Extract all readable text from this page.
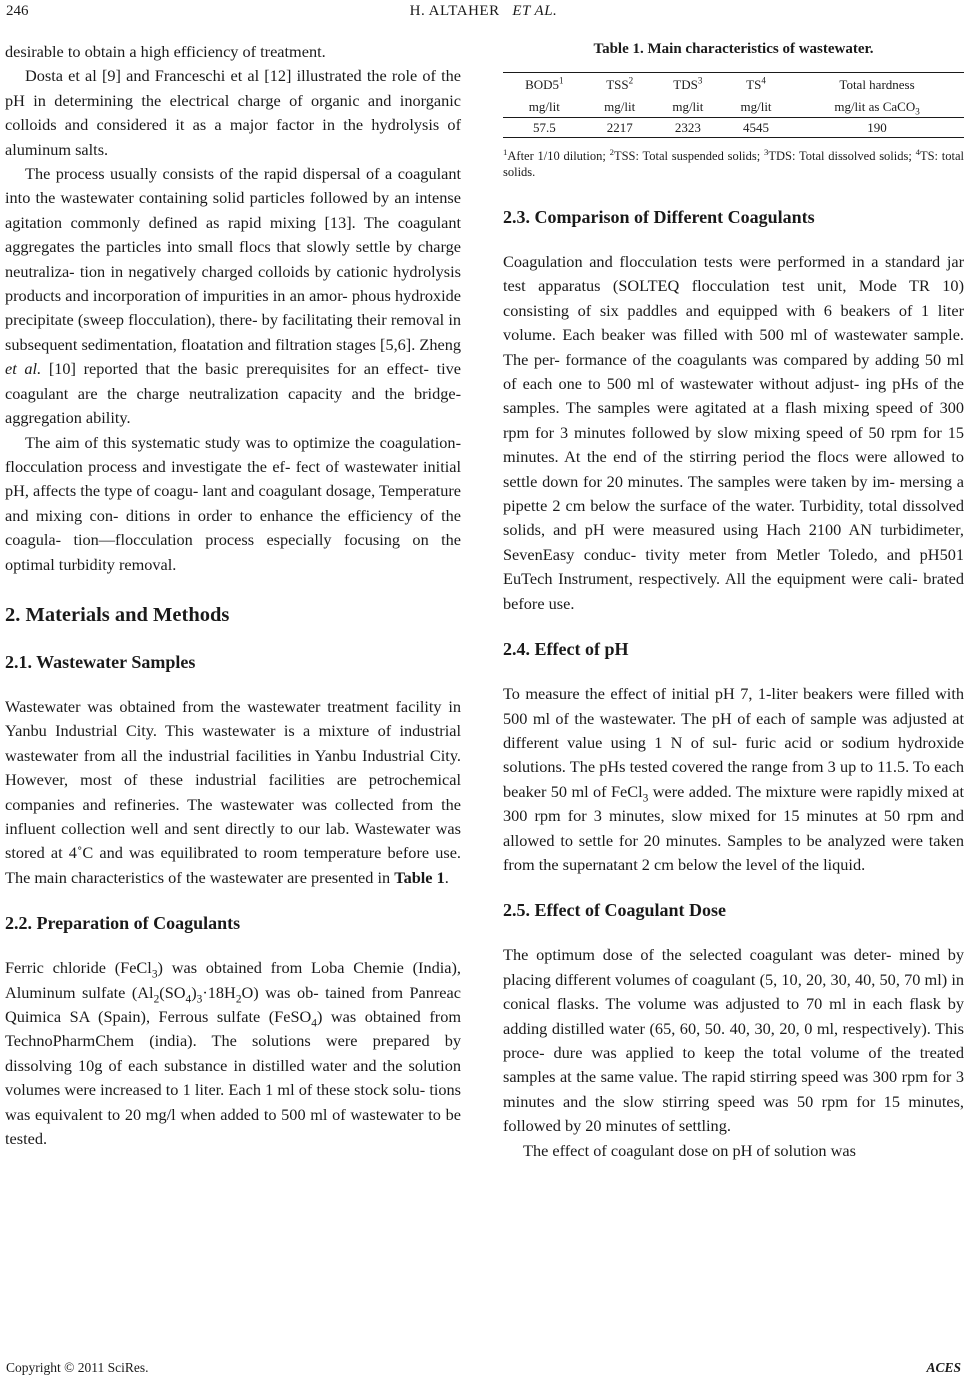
246	H. ALTAHER ET AL.

desirable to obtain a high efficiency of treatment.

Dosta et al [9] and Franceschi et al [12] illustrated the role of the pH in determining the electrical charge of organic and inorganic colloids and considered it as a major factor in the hydrolysis of aluminum salts.

The process usually consists of the rapid dispersal of a coagulant into the wastewater containing solid particles followed by an intense agitation commonly defined as rapid mixing [13]. The coagulant aggregates the particles into small flocs that slowly settle by charge neutraliza- tion in negatively charged colloids by cationic hydrolysis products and incorporation of impurities in an amor- phous hydroxide precipitate (sweep flocculation), there- by facilitating their removal in subsequent sedimentation, floatation and filtration stages [5,6]. Zheng et al. [10] reported that the basic prerequisites for an effect- tive coagulant are the charge neutralization capacity and the bridge-aggregation ability.

The aim of this systematic study was to optimize the coagulation-flocculation process and investigate the ef- fect of wastewater initial pH, affects the type of coagu- lant and coagulant dosage, Temperature and mixing con- ditions in order to enhance the efficiency of the coagula- tion—flocculation process especially focusing on the optimal turbidity removal.

2. Materials and Methods
2.1. Wastewater Samples

Wastewater was obtained from the wastewater treatment facility in Yanbu Industrial City. This wastewater is a mixture of industrial wastewater from all the industrial facilities in Yanbu Industrial City. However, most of these industrial facilities are petrochemical companies and refineries. The wastewater was collected from the influent collection well and sent directly to our lab. Wastewater was stored at 4˚C and was equilibrated to room temperature before use. The main characteristics of the wastewater are presented in Table 1.

2.2. Preparation of Coagulants

Ferric chloride (FeCl$_3$) was obtained from Loba Chemie (India), Aluminum sulfate $(Al_2(SO_4)_3\cdot 18H_2O)$ was ob- tained from Panreac Quimica SA (Spain), Ferrous sulfate (FeSO$_4$) was obtained from TechnoPharmChem (india). The solutions were prepared by dissolving 10g of each substance in distilled water and the solution volumes were increased to 1 liter. Each 1 ml of these stock solu- tions was equivalent to 20 mg/l when added to 500 ml of wastewater to be tested.

Table 1. Main characteristics of wastewater.
$BOD5^1$	TSS$^2$	TDS$^3$	$TS^4$	Total hardness
mg/lit	mg/lit	mg/lit	mg/lit	mg/lit as CaCO$_3$
57.5	2217	2323	4545	190
$^1$After 1/10 dilution; $^2$TSS: Total suspended solids; $^3$TDS: Total dissolved solids; $^4$TS: total solids.
2.3. Comparison of Different Coagulants

Coagulation and flocculation tests were performed in a standard jar test apparatus (SOLTEQ flocculation test unit, Mode TR 10) consisting of six paddles and equipped with 6 beakers of 1 liter volume. Each beaker was filled with 500 ml of wastewater sample. The per- formance of the coagulants was compared by adding 50 ml of each one to 500 ml of wastewater without adjust- ing pHs of the samples. The samples were agitated at a flash mixing speed of 300 rpm for 3 minutes followed by slow mixing speed of 50 rpm for 15 minutes. At the end of the stirring period the flocs were allowed to settle down for 20 minutes. The samples were taken by im- mersing a pipette 2 cm below the surface of the water. Turbidity, total dissolved solids, and pH were measured using Hach 2100 AN turbidimeter, SevenEasy conduc- tivity meter from Metler Toledo, and pH501 EuTech Instrument, respectively. All the equipment were cali- brated before use.

2.4. Effect of pH

To measure the effect of initial pH 7, 1-liter beakers were filled with 500 ml of the wastewater. The pH of each of sample was adjusted at different value using 1 N of sul- furic acid or sodium hydroxide solutions. The pHs tested covered the range from 3 up to 11.5. To each beaker 50 ml of FeCl$_3$ were added. The mixture were rapidly mixed at 300 rpm for 3 minutes, slow mixed for 15 minutes at 50 rpm and allowed to settle for 20 minutes. Samples to be analyzed were taken from the supernatant 2 cm below the level of the liquid.

2.5. Effect of Coagulant Dose

The optimum dose of the selected coagulant was deter- mined by placing different volumes of coagulant (5, 10, 20, 30, 40, 50, 70 ml) in conical flasks. The volume was adjusted to 70 ml in each flask by adding distilled water (65, 60, 50. 40, 30, 20, 0 ml, respectively). This proce- dure was applied to keep the total volume of the treated samples at the same value. The rapid stirring speed was 300 rpm for 3 minutes and the slow stirring speed was 50 rpm for 15 minutes, followed by 20 minutes of settling.

The effect of coagulant dose on pH of solution was

Copyright © 2011 SciRes.	ACES
